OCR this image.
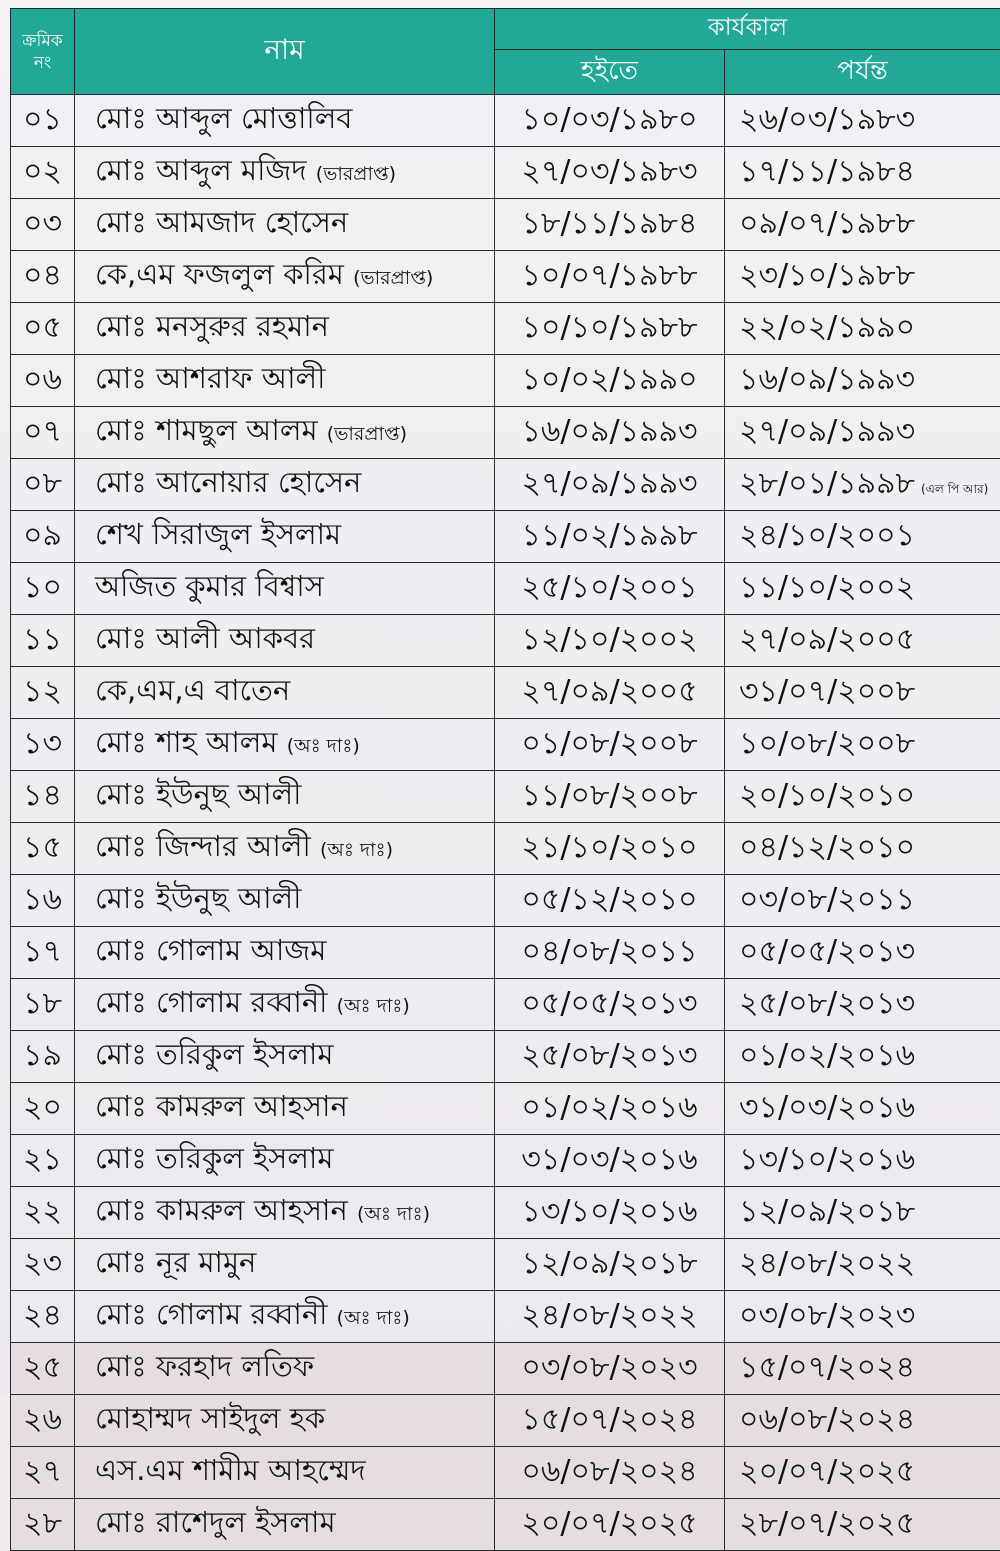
ক্রমিক নং	নাম	কার্যকাল	
		হইতে	পর্যন্ত
০১	মোঃ আব্দুল মোত্তালিব	১০/০৩/১৯৮০	২৬/০৩/১৯৮৩
০২	মোঃ আব্দুল মজিদ (ভারপ্রাপ্ত)	২৭/০৩/১৯৮৩	১৭/১১/১৯৮৪
০৩	মোঃ আমজাদ হোসেন	১৮/১১/১৯৮৪	০৯/০৭/১৯৮৮
০৪	কে,এম ফজলুল করিম (ভারপ্রাপ্ত)	১০/০৭/১৯৮৮	২৩/১০/১৯৮৮
০৫	মোঃ মনসুরুর রহমান	১০/১০/১৯৮৮	২২/০২/১৯৯০
০৬	মোঃ আশরাফ আলী	১০/০২/১৯৯০	১৬/০৯/১৯৯৩
০৭	মোঃ শামছুল আলম (ভারপ্রাপ্ত)	১৬/০৯/১৯৯৩	২৭/০৯/১৯৯৩
০৮	মোঃ আনোয়ার হোসেন	২৭/০৯/১৯৯৩	২৮/০১/১৯৯৮ (এল পি আর)
০৯	শেখ সিরাজুল ইসলাম	১১/০২/১৯৯৮	২৪/১০/২০০১
১০	অজিত কুমার বিশ্বাস	২৫/১০/২০০১	১১/১০/২০০২
১১	মোঃ আলী আকবর	১২/১০/২০০২	২৭/০৯/২০০৫
১২	কে,এম,এ বাতেন	২৭/০৯/২০০৫	৩১/০৭/২০০৮
১৩	মোঃ শাহ আলম (অঃ দাঃ)	০১/০৮/২০০৮	১০/০৮/২০০৮
১৪	মোঃ ইউনুছ আলী	১১/০৮/২০০৮	২০/১০/২০১০
১৫	মোঃ জিন্দার আলী (অঃ দাঃ)	২১/১০/২০১০	০৪/১২/২০১০
১৬	মোঃ ইউনুছ আলী	০৫/১২/২০১০	০৩/০৮/২০১১
১৭	মোঃ গোলাম আজম	০৪/০৮/২০১১	০৫/০৫/২০১৩
১৮	মোঃ গোলাম রব্বানী (অঃ দাঃ)	০৫/০৫/২০১৩	২৫/০৮/২০১৩
১৯	মোঃ তরিকুল ইসলাম	২৫/০৮/২০১৩	০১/০২/২০১৬
২০	মোঃ কামরুল আহসান	০১/০২/২০১৬	৩১/০৩/২০১৬
২১	মোঃ তরিকুল ইসলাম	৩১/০৩/২০১৬	১৩/১০/২০১৬
২২	মোঃ কামরুল আহসান (অঃ দাঃ)	১৩/১০/২০১৬	১২/০৯/২০১৮
২৩	মোঃ নূর মামুন	১২/০৯/২০১৮	২৪/০৮/২০২২
২৪	মোঃ গোলাম রব্বানী (অঃ দাঃ)	২৪/০৮/২০২২	০৩/০৮/২০২৩
২৫	মোঃ ফরহাদ লতিফ	০৩/০৮/২০২৩	১৫/০৭/২০২৪
২৬	মোহাম্মদ সাইদুল হক	১৫/০৭/২০২৪	০৬/০৮/২০২৪
২৭	এস.এম শামীম আহম্মেদ	০৬/০৮/২০২৪	২০/০৭/২০২৫
২৮	মোঃ রাশেদুল ইসলাম	২০/০৭/২০২৫	২৮/০৭/২০২৫
